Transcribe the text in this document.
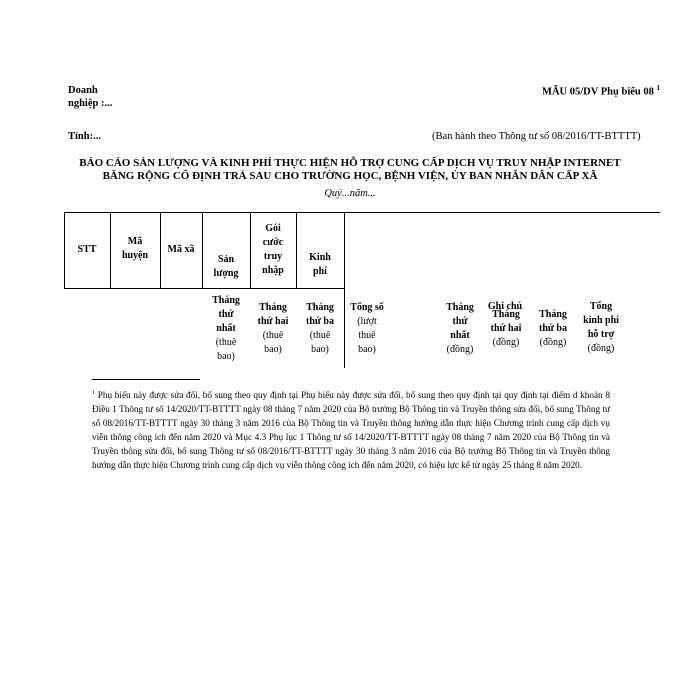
Doanh nghiệp :...
MẪU 05/DV Phụ biểu 08 $^1$
Tỉnh:...	(Ban hành theo Thông tư số 08/2016/TT-BTTTT)
BÁO CÁO SẢN LƯỢNG VÀ KINH PHÍ THỰC HIỆN HỖ TRỢ CUNG CẤP DỊCH VỤ TRUY NHẬP INTERNET
BĂNG RỘNG CỐ ĐỊNH TRẢ SAU CHO TRƯỜNG HỌC, BỆNH VIỆN, ỦY BAN NHÂN DÂN CẤP XÃ
Quý...năm...
STT
Mã huyện
Mã xã
Sản lượng
Gói cước truy nhập
Kinh phí
Tháng thứ nhất
(thuê bao)
Tháng thứ hai
(thuê bao)
Tháng thứ ba
(thuê bao)
Tổng số
(lượt thuê bao)
Tháng thứ nhất
(đồng)
Tháng thứ hai
(đồng)
Tháng thứ ba
(đồng)
Tổng kinh phí hỗ trợ
(đồng)
Ghi chú
$^1$ Phụ biểu này được sửa đổi, bổ sung theo quy định tại Phụ biểu này được sửa đổi, bổ sung theo quy định tại quy định tại điểm d khoản 8 Điều 1 Thông tư số 14/2020/TT-BTTTT ngày 08 tháng 7 năm 2020 của Bộ trưởng Bộ Thông tin và Truyền thông sửa đổi, bổ sung Thông tư số 08/2016/TT-BTTTT ngày 30 tháng 3 năm 2016 của Bộ Thông tin và Truyền thông hướng dẫn thực hiện Chương trình cung cấp dịch vụ viễn thông công ích đến năm 2020 và Mục 4.3 Phụ lục 1 Thông tư số 14/2020/TT-BTTTT ngày 08 tháng 7 năm 2020 của Bộ Thông tin và Truyền thông sửa đổi, bổ sung Thông tư số 08/2016/TT-BTTTT ngày 30 tháng 3 năm 2016 của Bộ trưởng Bộ Thông tin và Truyền thông hướng dẫn thực hiện Chương trình cung cấp dịch vụ viễn thông công ích đến năm 2020, có hiệu lực kể từ ngày 25 tháng 8 năm 2020.
